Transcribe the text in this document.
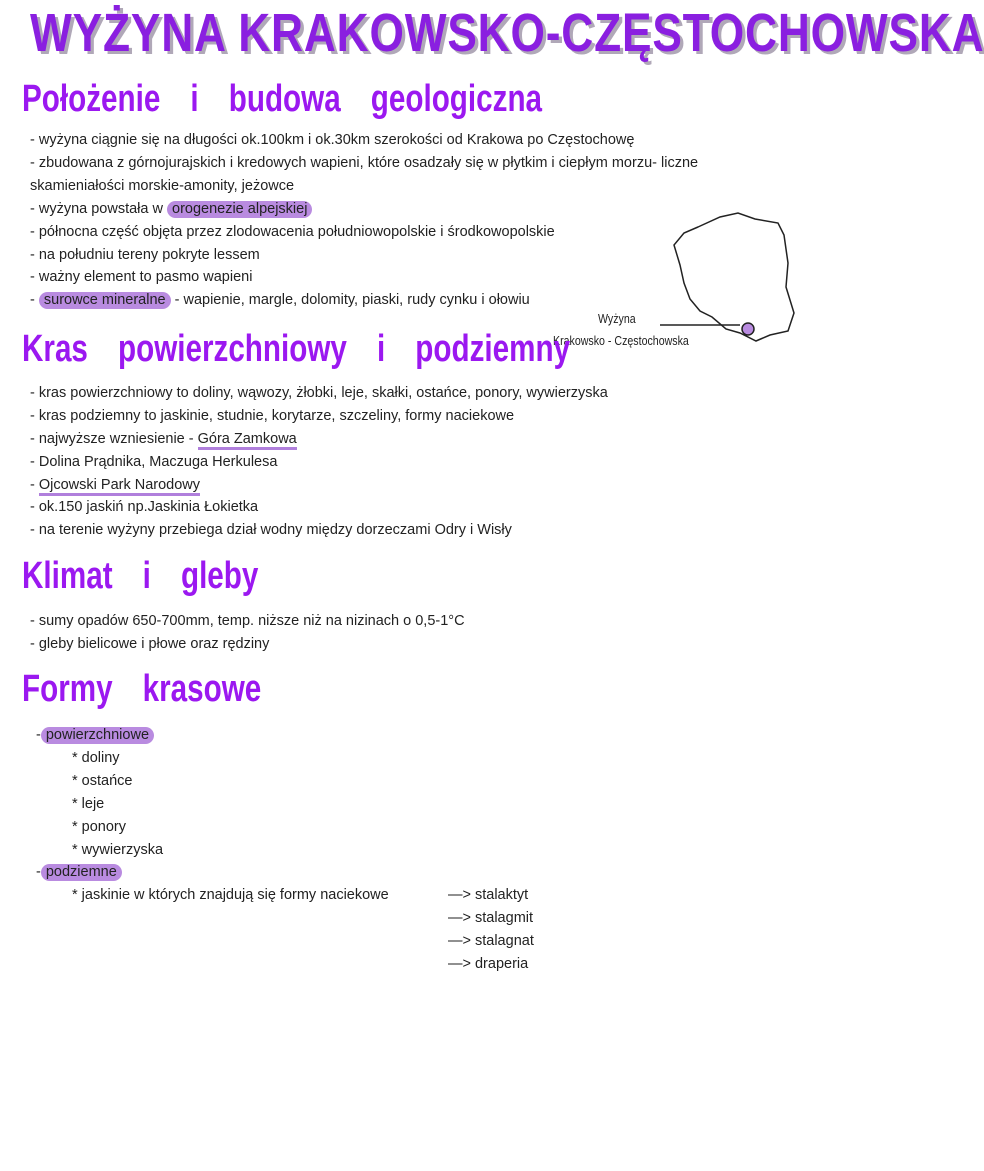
WYŻYNA KRAKOWSKO-CZĘSTOCHOWSKA
Położenie i budowa geologiczna
- wyżyna ciągnie się na długości ok.100km i ok.30km szerokości od Krakowa po Częstochowę
- zbudowana z górnojurajskich i kredowych wapieni, które osadzały się w płytkim i ciepłym morzu- liczne
skamieniałości morskie-amonity, jeżowce
- wyżyna powstała w orogenezie alpejskiej
- północna część objęta przez zlodowacenia południowopolskie i środkowopolskie
- na południu tereny pokryte lessem
- ważny element to pasmo wapieni
- surowce mineralne - wapienie, margle, dolomity, piaski, rudy cynku i ołowiu
Wyżyna
Krakowsko - Częstochowska
Kras powierzchniowy i podziemny
- kras powierzchniowy to doliny, wąwozy, żłobki, leje, skałki, ostańce, ponory, wywierzyska
- kras podziemny to jaskinie, studnie, korytarze, szczeliny, formy naciekowe
- najwyższe wzniesienie - Góra Zamkowa
- Dolina Prądnika, Maczuga Herkulesa
- Ojcowski Park Narodowy
- ok.150 jaskiń np.Jaskinia Łokietka
- na terenie wyżyny przebiega dział wodny między dorzeczami Odry i Wisły
Klimat i gleby
- sumy opadów 650-700mm, temp. niższe niż na nizinach o 0,5-1°C
- gleby bielicowe i płowe oraz rędziny
Formy krasowe
- powierzchniowe
* doliny
* ostańce
* leje
* ponory
* wywierzyska
- podziemne
* jaskinie w których znajdują się formy naciekowe	—> stalaktyt
—> stalagmit
—> stalagnat
—> draperia
